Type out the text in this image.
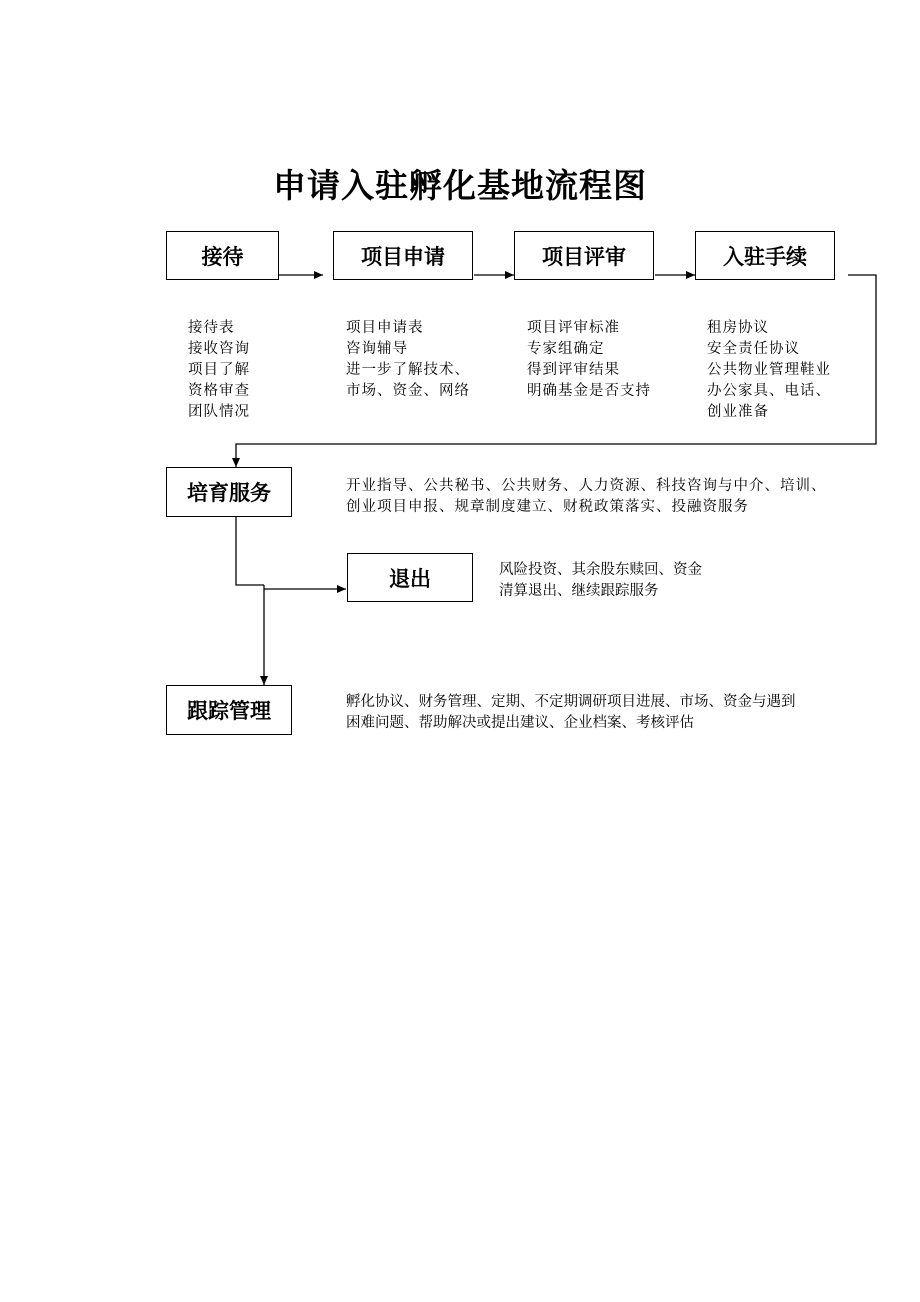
申请入驻孵化基地流程图
接待	项目申请	项目评审	入驻手续
接待表
接收咨询
项目了解
资格审查
团队情况
项目申请表
咨询辅导
进一步了解技术、
市场、资金、网络
项目评审标准
专家组确定
得到评审结果
明确基金是否支持
租房协议
安全责任协议
公共物业管理鞋业
办公家具、电话、
创业准备
培育服务	开业指导、公共秘书、公共财务、人力资源、科技咨询与中介、培训、
创业项目申报、规章制度建立、财税政策落实、投融资服务
退出	风险投资、其余股东赎回、资金
清算退出、继续跟踪服务
跟踪管理	孵化协议、财务管理、定期、不定期调研项目进展、市场、资金与遇到
困难问题、帮助解决或提出建议、企业档案、考核评估
